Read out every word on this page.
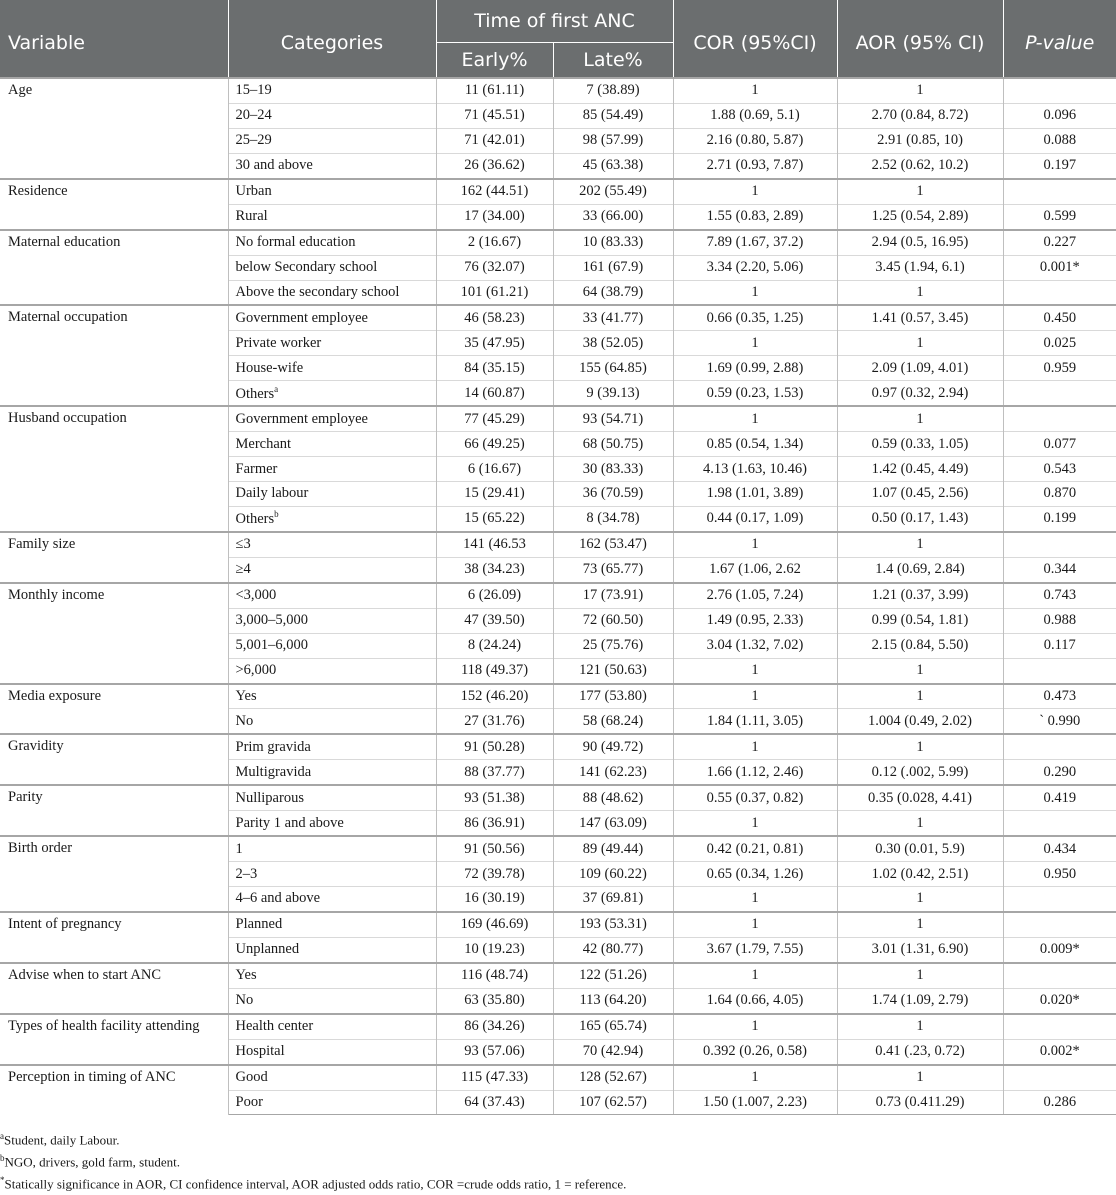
Variable	Categories	Time of first ANC		COR (95%CI)	AOR (95% CI)	P-value
		Early%	Late%			
Age	15–19	11 (61.11)	7 (38.89)	1	1	
	20–24	71 (45.51)	85 (54.49)	1.88 (0.69, 5.1)	2.70 (0.84, 8.72)	0.096
	25–29	71 (42.01)	98 (57.99)	2.16 (0.80, 5.87)	2.91 (0.85, 10)	0.088
	30 and above	26 (36.62)	45 (63.38)	2.71 (0.93, 7.87)	2.52 (0.62, 10.2)	0.197
Residence	Urban	162 (44.51)	202 (55.49)	1	1	
	Rural	17 (34.00)	33 (66.00)	1.55 (0.83, 2.89)	1.25 (0.54, 2.89)	0.599
Maternal education	No formal education	2 (16.67)	10 (83.33)	7.89 (1.67, 37.2)	2.94 (0.5, 16.95)	0.227
	below Secondary school	76 (32.07)	161 (67.9)	3.34 (2.20, 5.06)	3.45 (1.94, 6.1)	0.001*
	Above the secondary school	101 (61.21)	64 (38.79)	1	1	
Maternal occupation	Government employee	46 (58.23)	33 (41.77)	0.66 (0.35, 1.25)	1.41 (0.57, 3.45)	0.450
	Private worker	35 (47.95)	38 (52.05)	1	1	0.025
	House-wife	84 (35.15)	155 (64.85)	1.69 (0.99, 2.88)	2.09 (1.09, 4.01)	0.959
	Others$^a$	14 (60.87)	9 (39.13)	0.59 (0.23, 1.53)	0.97 (0.32, 2.94)	
Husband occupation	Government employee	77 (45.29)	93 (54.71)	1	1	
	Merchant	66 (49.25)	68 (50.75)	0.85 (0.54, 1.34)	0.59 (0.33, 1.05)	0.077
	Farmer	6 (16.67)	30 (83.33)	4.13 (1.63, 10.46)	1.42 (0.45, 4.49)	0.543
	Daily labour	15 (29.41)	36 (70.59)	1.98 (1.01, 3.89)	1.07 (0.45, 2.56)	0.870
	Others$^b$	15 (65.22)	8 (34.78)	0.44 (0.17, 1.09)	0.50 (0.17, 1.43)	0.199
Family size	≤3	141 (46.53	162 (53.47)	1	1	
	≥4	38 (34.23)	73 (65.77)	1.67 (1.06, 2.62	1.4 (0.69, 2.84)	0.344
Monthly income	<3,000	6 (26.09)	17 (73.91)	2.76 (1.05, 7.24)	1.21 (0.37, 3.99)	0.743
	3,000–5,000	47 (39.50)	72 (60.50)	1.49 (0.95, 2.33)	0.99 (0.54, 1.81)	0.988
	5,001–6,000	8 (24.24)	25 (75.76)	3.04 (1.32, 7.02)	2.15 (0.84, 5.50)	0.117
	>6,000	118 (49.37)	121 (50.63)	1	1	
Media exposure	Yes	152 (46.20)	177 (53.80)	1	1	0.473
	No	27 (31.76)	58 (68.24)	1.84 (1.11, 3.05)	1.004 (0.49, 2.02)	` 0.990
Gravidity	Prim gravida	91 (50.28)	90 (49.72)	1	1	
	Multigravida	88 (37.77)	141 (62.23)	1.66 (1.12, 2.46)	0.12 (.002, 5.99)	0.290
Parity	Nulliparous	93 (51.38)	88 (48.62)	0.55 (0.37, 0.82)	0.35 (0.028, 4.41)	0.419
	Parity 1 and above	86 (36.91)	147 (63.09)	1	1	
Birth order	1	91 (50.56)	89 (49.44)	0.42 (0.21, 0.81)	0.30 (0.01, 5.9)	0.434
	2–3	72 (39.78)	109 (60.22)	0.65 (0.34, 1.26)	1.02 (0.42, 2.51)	0.950
	4–6 and above	16 (30.19)	37 (69.81)	1	1	
Intent of pregnancy	Planned	169 (46.69)	193 (53.31)	1	1	
	Unplanned	10 (19.23)	42 (80.77)	3.67 (1.79, 7.55)	3.01 (1.31, 6.90)	0.009*
Advise when to start ANC	Yes	116 (48.74)	122 (51.26)	1	1	
	No	63 (35.80)	113 (64.20)	1.64 (0.66, 4.05)	1.74 (1.09, 2.79)	0.020*
Types of health facility attending	Health center	86 (34.26)	165 (65.74)	1	1	
	Hospital	93 (57.06)	70 (42.94)	0.392 (0.26, 0.58)	0.41 (.23, 0.72)	0.002*
Perception in timing of ANC	Good	115 (47.33)	128 (52.67)	1	1	
	Poor	64 (37.43)	107 (62.57)	1.50 (1.007, 2.23)	0.73 (0.411.29)	0.286
$^a$Student, daily Labour.
$^b$NGO, drivers, gold farm, student.
*Statically significance in AOR, CI confidence interval, AOR adjusted odds ratio, COR =crude odds ratio, 1 = reference.
